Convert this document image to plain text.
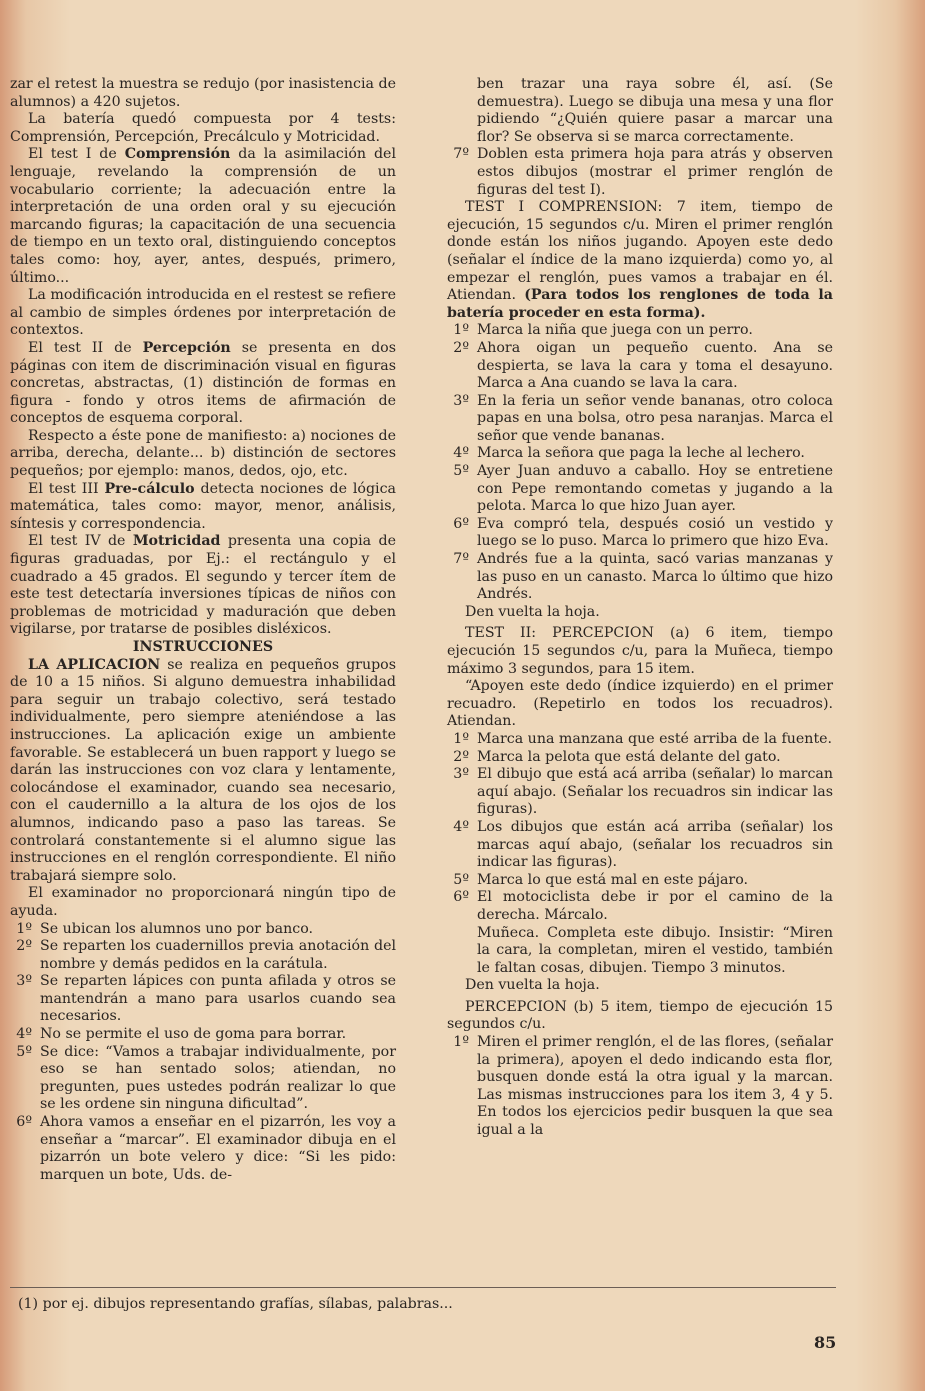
zar el retest la muestra se redujo (por inasistencia de alumnos) a 420 sujetos.

La batería quedó compuesta por 4 tests: Comprensión, Percepción, Precálculo y Motricidad.

El test I de Comprensión da la asimilación del lenguaje, revelando la comprensión de un vocabulario corriente; la adecuación entre la interpretación de una orden oral y su ejecución marcando figuras; la capacitación de una secuencia de tiempo en un texto oral, distinguiendo conceptos tales como: hoy, ayer, antes, después, primero, último...

La modificación introducida en el restest se refiere al cambio de simples órdenes por interpretación de contextos.

El test II de Percepción se presenta en dos páginas con item de discriminación visual en figuras concretas, abstractas, (1) distinción de formas en figura - fondo y otros items de afirmación de conceptos de esquema corporal.

Respecto a éste pone de manifiesto: a) nociones de arriba, derecha, delante... b) distinción de sectores pequeños; por ejemplo: manos, dedos, ojo, etc.

El test III Pre-cálculo detecta nociones de lógica matemática, tales como: mayor, menor, análisis, síntesis y correspondencia.

El test IV de Motricidad presenta una copia de figuras graduadas, por Ej.: el rectángulo y el cuadrado a 45 grados. El segundo y tercer ítem de este test detectaría inversiones típicas de niños con problemas de motricidad y maduración que deben vigilarse, por tratarse de posibles disléxicos.

INSTRUCCIONES

LA APLICACION se realiza en pequeños grupos de 10 a 15 niños. Si alguno demuestra inhabilidad para seguir un trabajo colectivo, será testado individualmente, pero siempre ateniéndose a las instrucciones. La aplicación exige un ambiente favorable. Se establecerá un buen rapport y luego se darán las instrucciones con voz clara y lentamente, colocándose el examinador, cuando sea necesario, con el caudernillo a la altura de los ojos de los alumnos, indicando paso a paso las tareas. Se controlará constantemente si el alumno sigue las instrucciones en el renglón correspondiente. El niño trabajará siempre solo.

El examinador no proporcionará ningún tipo de ayuda.

1º Se ubican los alumnos uno por banco.
2º Se reparten los cuadernillos previa anotación del nombre y demás pedidos en la carátula.
3º Se reparten lápices con punta afilada y otros se mantendrán a mano para usarlos cuando sea necesarios.
4º No se permite el uso de goma para borrar.
5º Se dice: “Vamos a trabajar individualmente, por eso se han sentado solos; atiendan, no pregunten, pues ustedes podrán realizar lo que se les ordene sin ninguna dificultad”.
6º Ahora vamos a enseñar en el pizarrón, les voy a enseñar a “marcar”. El examinador dibuja en el pizarrón un bote velero y dice: “Si les pido: marquen un bote, Uds. de-

ben trazar una raya sobre él, así. (Se demuestra). Luego se dibuja una mesa y una flor pidiendo “¿Quién quiere pasar a marcar una flor? Se observa si se marca correctamente.

7º Doblen esta primera hoja para atrás y observen estos dibujos (mostrar el primer renglón de figuras del test I).

TEST I COMPRENSION: 7 item, tiempo de ejecución, 15 segundos c/u. Miren el primer renglón donde están los niños jugando. Apoyen este dedo (señalar el índice de la mano izquierda) como yo, al empezar el renglón, pues vamos a trabajar en él. Atiendan. (Para todos los renglones de toda la batería proceder en esta forma).

1º Marca la niña que juega con un perro.
2º Ahora oigan un pequeño cuento. Ana se despierta, se lava la cara y toma el desayuno. Marca a Ana cuando se lava la cara.
3º En la feria un señor vende bananas, otro coloca papas en una bolsa, otro pesa naranjas. Marca el señor que vende bananas.
4º Marca la señora que paga la leche al lechero.
5º Ayer Juan anduvo a caballo. Hoy se entretiene con Pepe remontando cometas y jugando a la pelota. Marca lo que hizo Juan ayer.
6º Eva compró tela, después cosió un vestido y luego se lo puso. Marca lo primero que hizo Eva.
7º Andrés fue a la quinta, sacó varias manzanas y las puso en un canasto. Marca lo último que hizo Andrés.

Den vuelta la hoja.

TEST II: PERCEPCION (a) 6 item, tiempo ejecución 15 segundos c/u, para la Muñeca, tiempo máximo 3 segundos, para 15 item.

“Apoyen este dedo (índice izquierdo) en el primer recuadro. (Repetirlo en todos los recuadros). Atiendan.

1º Marca una manzana que esté arriba de la fuente.
2º Marca la pelota que está delante del gato.
3º El dibujo que está acá arriba (señalar) lo marcan aquí abajo. (Señalar los recuadros sin indicar las figuras).
4º Los dibujos que están acá arriba (señalar) los marcas aquí abajo, (señalar los recuadros sin indicar las figuras).
5º Marca lo que está mal en este pájaro.
6º El motociclista debe ir por el camino de la derecha. Márcalo.

Muñeca. Completa este dibujo. Insistir: “Miren la cara, la completan, miren el vestido, también le faltan cosas, dibujen. Tiempo 3 minutos.

Den vuelta la hoja.

PERCEPCION (b) 5 item, tiempo de ejecución 15 segundos c/u.

1º Miren el primer renglón, el de las flores, (señalar la primera), apoyen el dedo indicando esta flor, busquen donde está la otra igual y la marcan. Las mismas instrucciones para los item 3, 4 y 5. En todos los ejercicios pedir busquen la que sea igual a la
(1) por ej. dibujos representando grafías, sílabas, palabras...
85
